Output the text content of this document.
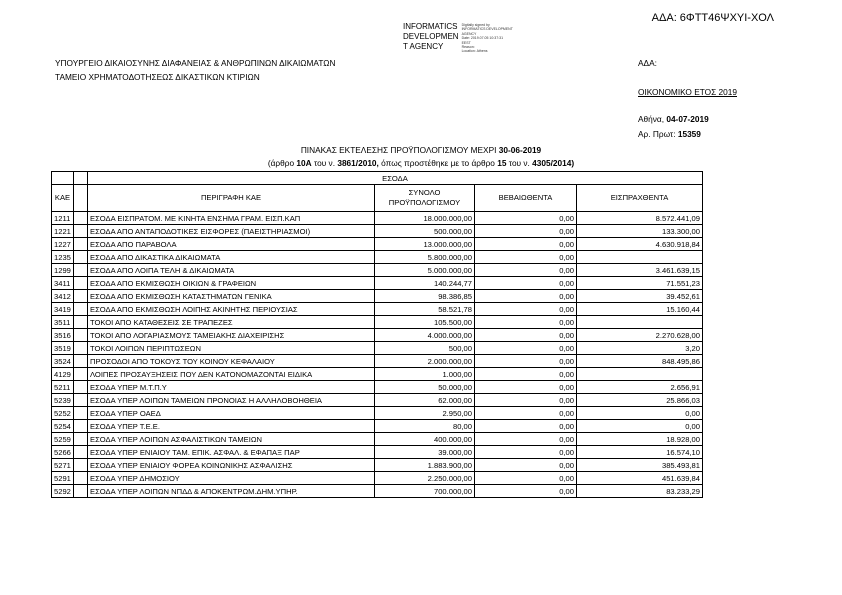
ΑΔΑ: 6ΦΤΤ46ΨΧΥΙ-ΧΟΛ
INFORMATICS
DEVELOPMEN
T AGENCY
Digitally signed by
INFORMATICS DEVELOPMENT
AGENCY
Date: 2019.07.05 10:37:31
EEST
Reason:
Location: Athens
ΥΠΟΥΡΓΕΙΟ ΔΙΚΑΙΟΣΥΝΗΣ ΔΙΑΦΑΝΕΙΑΣ & ΑΝΘΡΩΠΙΝΩΝ ΔΙΚΑΙΩΜΑΤΩΝ
ΤΑΜΕΙΟ ΧΡΗΜΑΤΟΔΟΤΗΣΕΩΣ ΔΙΚΑΣΤΙΚΩΝ ΚΤΙΡΙΩΝ
ΑΔΑ:
ΟΙΚΟΝΟΜΙΚΟ ΕΤΟΣ 2019
Αθήνα, 04-07-2019
Αρ. Πρωτ: 15359
ΠΙΝΑΚΑΣ ΕΚΤΕΛΕΣΗΣ ΠΡΟΫΠΟΛΟΓΙΣΜΟΥ ΜΕΧΡΙ 30-06-2019
(άρθρο 10Α του ν. 3861/2010, όπως προστέθηκε με το άρθρο 15 του ν. 4305/2014)
		ΕΣΟΔΑ			
ΚΑΕ		ΠΕΡΙΓΡΑΦΗ ΚΑΕ	ΣΥΝΟΛΟ ΠΡΟΫΠΟΛΟΓΙΣΜΟΥ	ΒΕΒΑΙΩΘΕΝΤΑ	ΕΙΣΠΡΑΧΘΕΝΤΑ
1211		ΕΣΟΔΑ ΕΙΣΠΡΑΤΟΜ. ΜΕ ΚΙΝΗΤΑ ΕΝΣΗΜΑ ΓΡΑΜ. ΕΙΣΠ.ΚΑΠ	18.000.000,00	0,00	8.572.441,09
1221		ΕΣΟΔΑ ΑΠΟ ΑΝΤΑΠΟΔΟΤΙΚΕΣ ΕΙΣΦΟΡΕΣ (ΠΑΕΙΣΤΗΡΙΑΣΜΟΙ)	500.000,00	0,00	133.300,00
1227		ΕΣΟΔΑ ΑΠΟ ΠΑΡΑΒΟΛΑ	13.000.000,00	0,00	4.630.918,84
1235		ΕΣΟΔΑ ΑΠΟ ΔΙΚΑΣΤΙΚΑ ΔΙΚΑΙΩΜΑΤΑ	5.800.000,00	0,00	
1299		ΕΣΟΔΑ ΑΠΟ ΛΟΙΠΑ ΤΕΛΗ & ΔΙΚΑΙΩΜΑΤΑ	5.000.000,00	0,00	3.461.639,15
3411		ΕΣΟΔΑ ΑΠΟ ΕΚΜΙΣΘΩΣΗ ΟΙΚΙΩΝ & ΓΡΑΦΕΙΩΝ	140.244,77	0,00	71.551,23
3412		ΕΣΟΔΑ ΑΠΟ ΕΚΜΙΣΘΩΣΗ ΚΑΤΑΣΤΗΜΑΤΩΝ ΓΕΝΙΚΑ	98.386,85	0,00	39.452,61
3419		ΕΣΟΔΑ ΑΠΟ ΕΚΜΙΣΘΩΣΗ ΛΟΙΠΗΣ ΑΚΙΝΗΤΗΣ ΠΕΡΙΟΥΣΙΑΣ	58.521,78	0,00	15.160,44
3511		ΤΟΚΟΙ ΑΠΟ ΚΑΤΑΘΕΣΕΙΣ ΣΕ ΤΡΑΠΕΖΕΣ	105.500,00	0,00	
3516		ΤΟΚΟΙ ΑΠΟ ΛΟΓΑΡΙΑΣΜΟΥΣ ΤΑΜΕΙΑΚΗΣ ΔΙΑΧΕΙΡΙΣΗΣ	4.000.000,00	0,00	2.270.628,00
3519		ΤΟΚΟΙ ΛΟΙΠΩΝ ΠΕΡΙΠΤΩΣΕΩΝ	500,00	0,00	3,20
3524		ΠΡΟΣΟΔΟΙ ΑΠΟ ΤΟΚΟΥΣ ΤΟΥ ΚΟΙΝΟΥ ΚΕΦΑΛΑΙΟΥ	2.000.000,00	0,00	848.495,86
4129		ΛΟΙΠΕΣ ΠΡΟΣΑΥΞΗΣΕΙΣ ΠΟΥ ΔΕΝ ΚΑΤΟΝΟΜΑΖΟΝΤΑΙ ΕΙΔΙΚΑ	1.000,00	0,00	
5211		ΕΣΟΔΑ ΥΠΕΡ Μ.Τ.Π.Υ	50.000,00	0,00	2.656,91
5239		ΕΣΟΔΑ ΥΠΕΡ ΛΟΙΠΩΝ ΤΑΜΕΙΩΝ ΠΡΟΝΟΙΑΣ Η ΑΛΛΗΛΟΒΟΗΘΕΙΑ	62.000,00	0,00	25.866,03
5252		ΕΣΟΔΑ ΥΠΕΡ ΟΑΕΔ	2.950,00	0,00	0,00
5254		ΕΣΟΔΑ ΥΠΕΡ Τ.Ε.Ε.	80,00	0,00	0,00
5259		ΕΣΟΔΑ ΥΠΕΡ ΛΟΙΠΩΝ ΑΣΦΑΛΙΣΤΙΚΩΝ ΤΑΜΕΙΩΝ	400.000,00	0,00	18.928,00
5266		ΕΣΟΔΑ ΥΠΕΡ ΕΝΙΑΙΟΥ ΤΑΜ. ΕΠΙΚ. ΑΣΦΑΛ. & ΕΦΑΠΑΞ ΠΑΡ	39.000,00	0,00	16.574,10
5271		ΕΣΟΔΑ ΥΠΕΡ ΕΝΙΑΙΟΥ ΦΟΡΕΑ ΚΟΙΝΩΝΙΚΗΣ ΑΣΦΑΛΙΣΗΣ	1.883.900,00	0,00	385.493,81
5291		ΕΣΟΔΑ ΥΠΕΡ ΔΗΜΟΣΙΟΥ	2.250.000,00	0,00	451.639,84
5292		ΕΣΟΔΑ ΥΠΕΡ ΛΟΙΠΩΝ ΝΠΔΔ & ΑΠΟΚΕΝΤΡΩΜ.ΔΗΜ.ΥΠΗΡ.	700.000,00	0,00	83.233,29
